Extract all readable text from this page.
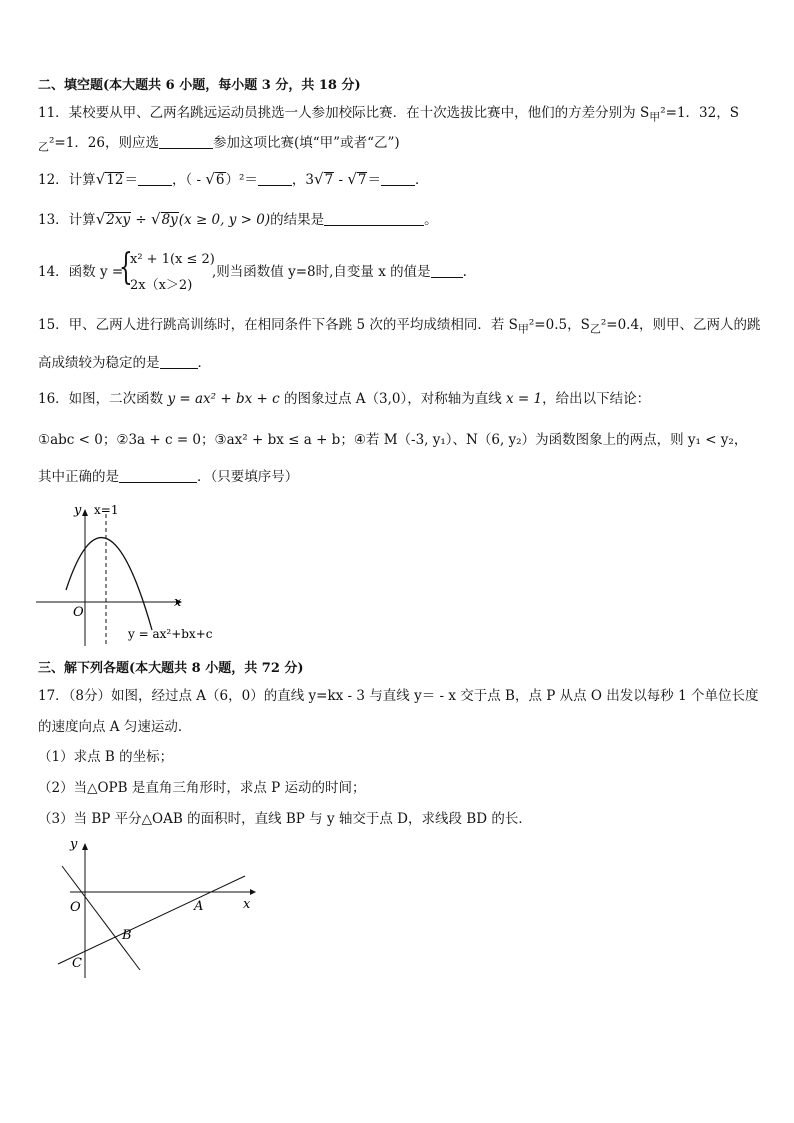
二、填空题(本大题共 6 小题，每小题 3 分，共 18 分)
11．某校要从甲、乙两名跳远运动员挑选一人参加校际比赛．在十次选拔比赛中，他们的方差分别为 $S_甲^2=1$．32，S
$_乙$²=1．26，则应选	参加这项比赛(填“甲”或者“乙”)
12．计算√12＝	，（ - √6）²＝	，3√7 - √7＝	．
13．计算√2xy ÷ √8y(x ≥ 0, y > 0)的结果是	。
14．函数 y =
{
x² + 1(x ≤ 2)
2x（x＞2)
,则当函数值 y=8时,自变量 x 的值是 .
15．甲、乙两人进行跳高训练时，在相同条件下各跳 5 次的平均成绩相同．若 $S_甲^2=0.5$，$S_乙^2=0.4$，则甲、乙两人的跳
高成绩较为稳定的是	．
16．如图，二次函数 y = ax² + bx + c 的图象过点 A（3,0），对称轴为直线 x = 1，给出以下结论：
①abc < 0；②3a + c = 0；③ax² + bx ≤ a + b；④若 M（-3, y₁）、N（6, y₂）为函数图象上的两点，则 y₁ < y₂，
其中正确的是	．（只要填序号）
y x=1
x
O
y = ax²+bx+c
三、解下列各题(本大题共 8 小题，共 72 分)
17．（8分）如图，经过点 A（6，0）的直线 y=kx - 3 与直线 y＝ - x 交于点 B，点 P 从点 O 出发以每秒 1 个单位长度
的速度向点 A 匀速运动．
（1）求点 B 的坐标；
（2）当△OPB 是直角三角形时，求点 P 运动的时间；
（3）当 BP 平分△OAB 的面积时，直线 BP 与 y 轴交于点 D，求线段 BD 的长．
y
x
O	A
B
C
